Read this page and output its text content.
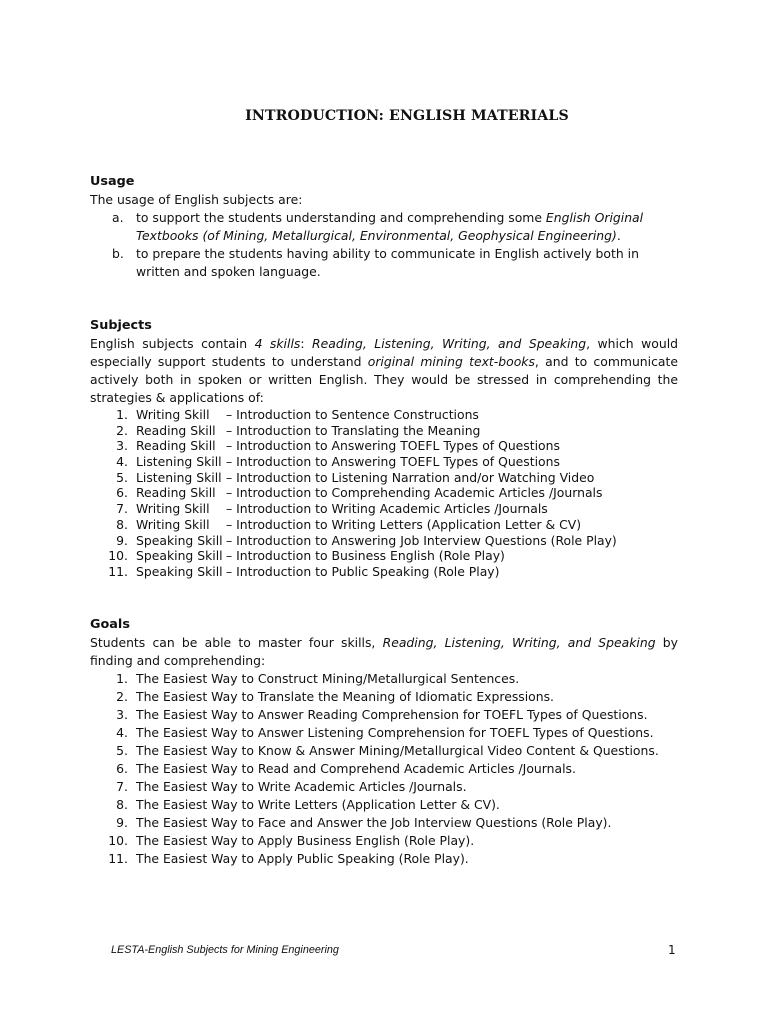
INTRODUCTION: ENGLISH MATERIALS
Usage
The usage of English subjects are:
a. to support the students understanding and comprehending some English Original Textbooks (of Mining, Metallurgical, Environmental, Geophysical Engineering).
b. to prepare the students having ability to communicate in English actively both in written and spoken language.
Subjects
English subjects contain 4 skills: Reading, Listening, Writing, and Speaking, which would especially support students to understand original mining text-books, and to communicate actively both in spoken or written English. They would be stressed in comprehending the strategies & applications of:
1. Writing Skill – Introduction to Sentence Constructions
2. Reading Skill – Introduction to Translating the Meaning
3. Reading Skill – Introduction to Answering TOEFL Types of Questions
4. Listening Skill – Introduction to Answering TOEFL Types of Questions
5. Listening Skill – Introduction to Listening Narration and/or Watching Video
6. Reading Skill – Introduction to Comprehending Academic Articles /Journals
7. Writing Skill – Introduction to Writing Academic Articles /Journals
8. Writing Skill – Introduction to Writing Letters (Application Letter & CV)
9. Speaking Skill – Introduction to Answering Job Interview Questions (Role Play)
10. Speaking Skill – Introduction to Business English (Role Play)
11. Speaking Skill – Introduction to Public Speaking (Role Play)
Goals
Students can be able to master four skills, Reading, Listening, Writing, and Speaking by finding and comprehending:
1. The Easiest Way to Construct Mining/Metallurgical Sentences.
2. The Easiest Way to Translate the Meaning of Idiomatic Expressions.
3. The Easiest Way to Answer Reading Comprehension for TOEFL Types of Questions.
4. The Easiest Way to Answer Listening Comprehension for TOEFL Types of Questions.
5. The Easiest Way to Know & Answer Mining/Metallurgical Video Content & Questions.
6. The Easiest Way to Read and Comprehend Academic Articles /Journals.
7. The Easiest Way to Write Academic Articles /Journals.
8. The Easiest Way to Write Letters (Application Letter & CV).
9. The Easiest Way to Face and Answer the Job Interview Questions (Role Play).
10. The Easiest Way to Apply Business English (Role Play).
11. The Easiest Way to Apply Public Speaking (Role Play).
LESTA-English Subjects for Mining Engineering	1
